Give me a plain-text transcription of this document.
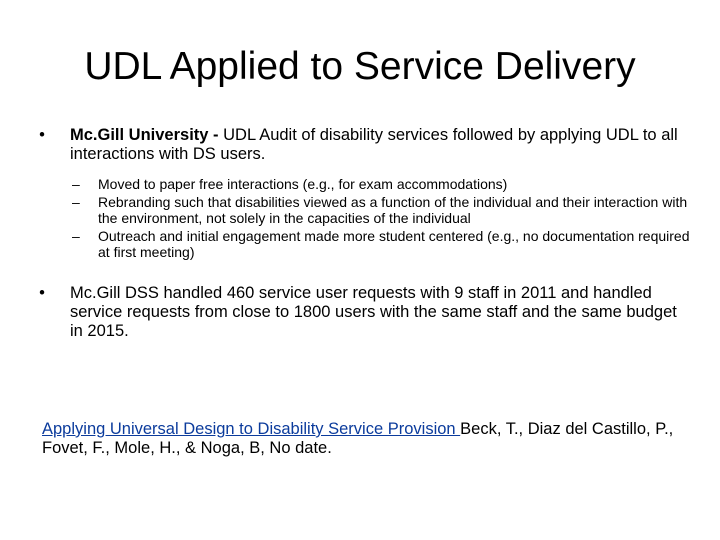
UDL Applied to Service Delivery
•	Mc.Gill University - UDL Audit of disability services followed by applying UDL to all interactions with DS users.
– Moved to paper free interactions (e.g., for exam accommodations)
– Rebranding such that disabilities viewed as a function of the individual and their interaction with the environment, not solely in the capacities of the individual
– Outreach and initial engagement made more student centered (e.g., no documentation required at first meeting)
•	Mc.Gill DSS handled 460 service user requests with 9 staff in 2011 and handled service requests from close to 1800 users with the same staff and the same budget in 2015.
Applying Universal Design to Disability Service Provision Beck, T., Diaz del Castillo, P., Fovet, F., Mole, H., & Noga, B, No date.
